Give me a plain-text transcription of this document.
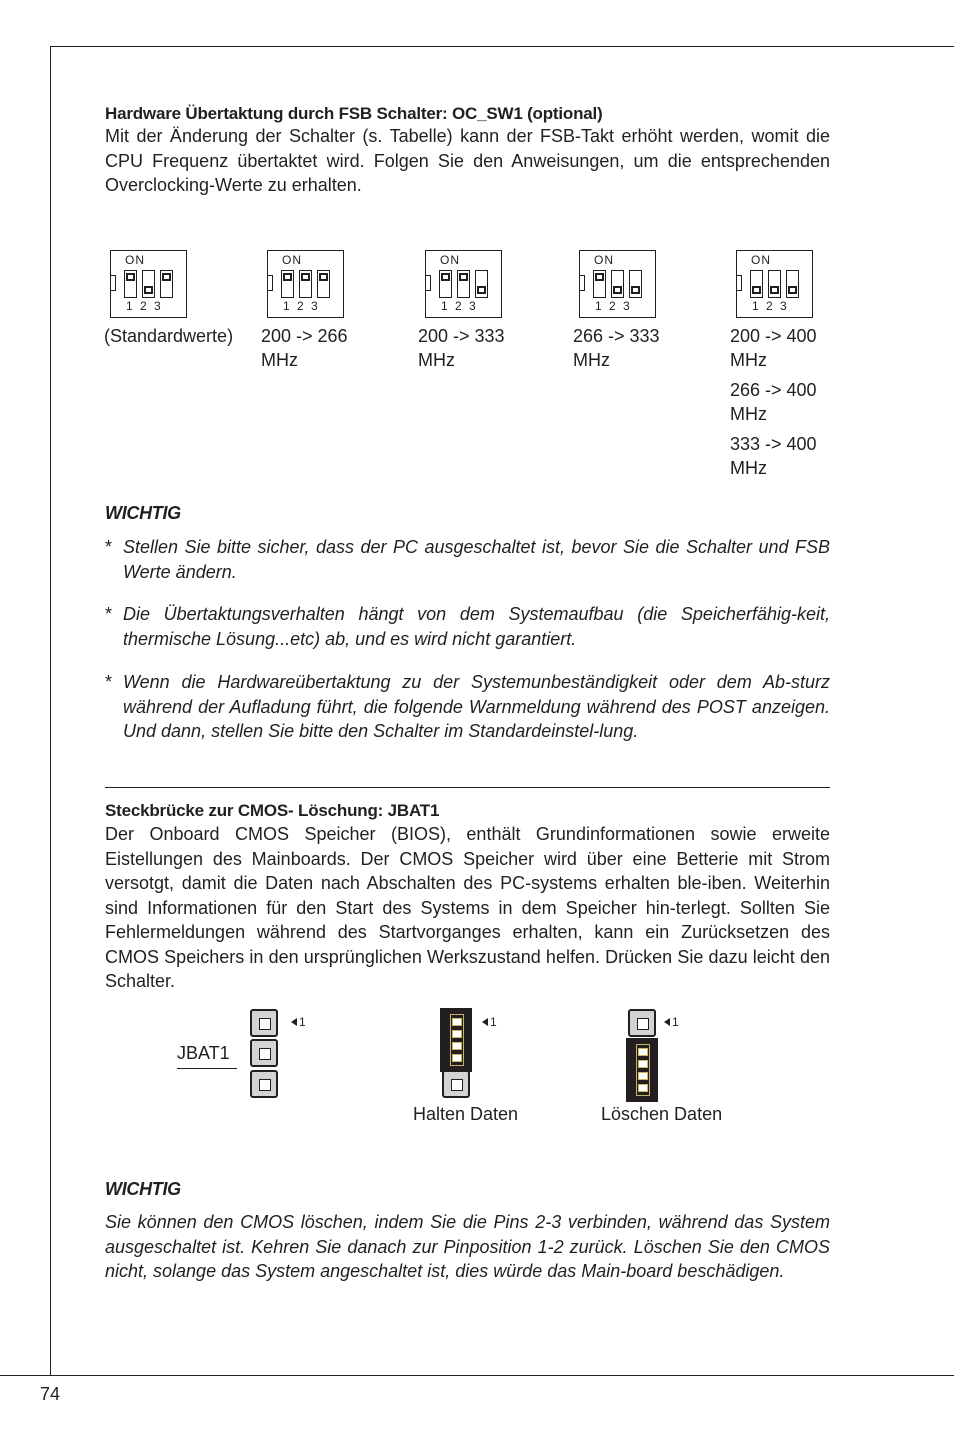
74
Hardware Übertaktung durch FSB Schalter: OC_SW1 (optional)
Mit der Änderung der Schalter (s. Tabelle) kann der FSB-Takt erhöht werden, womit die CPU Frequenz übertaktet wird. Folgen Sie den Anweisungen, um die entsprechenden Overclocking-Werte zu erhalten.
ON
1 2 3
(Standardwerte)
ON
1 2 3
200 -> 266 MHz
ON
1 2 3
200 -> 333 MHz
ON
1 2 3
266 -> 333 MHz
ON
1 2 3
200 -> 400 MHz
266 -> 400 MHz
333 -> 400 MHz
WICHTIG
* Stellen Sie bitte sicher, dass der PC ausgeschaltet ist, bevor Sie die Schalter und FSB Werte ändern.
* Die Übertaktungsverhalten hängt von dem Systemaufbau (die Speicherfähig-keit, thermische Lösung...etc) ab, und es wird nicht garantiert.
* Wenn die Hardwareübertaktung zu der Systemunbeständigkeit oder dem Ab-sturz während der Aufladung führt, die folgende Warnmeldung während des POST anzeigen. Und dann, stellen Sie bitte den Schalter im Standardeinstel-lung.
Steckbrücke zur CMOS- Löschung: JBAT1
Der Onboard CMOS Speicher (BIOS), enthält Grundinformationen sowie erweite Eistellungen des Mainboards. Der CMOS Speicher wird über eine Betterie mit Strom versotgt, damit die Daten nach Abschalten des PC-systems erhalten ble-iben. Weiterhin sind Informationen für den Start des Systems in dem Speicher hin-terlegt. Sollten Sie Fehlermeldungen während des Startvorganges erhalten, kann ein Zurücksetzen des CMOS Speichers in den ursprünglichen Werkszustand helfen. Drücken Sie dazu leicht den Schalter.
JBAT1
1	1
Halten Daten
1
Löschen Daten
WICHTIG
Sie können den CMOS löschen, indem Sie die Pins 2-3 verbinden, während das System ausgeschaltet ist. Kehren Sie danach zur Pinposition 1-2 zurück. Löschen Sie den CMOS nicht, solange das System angeschaltet ist, dies würde das Main-board beschädigen.
